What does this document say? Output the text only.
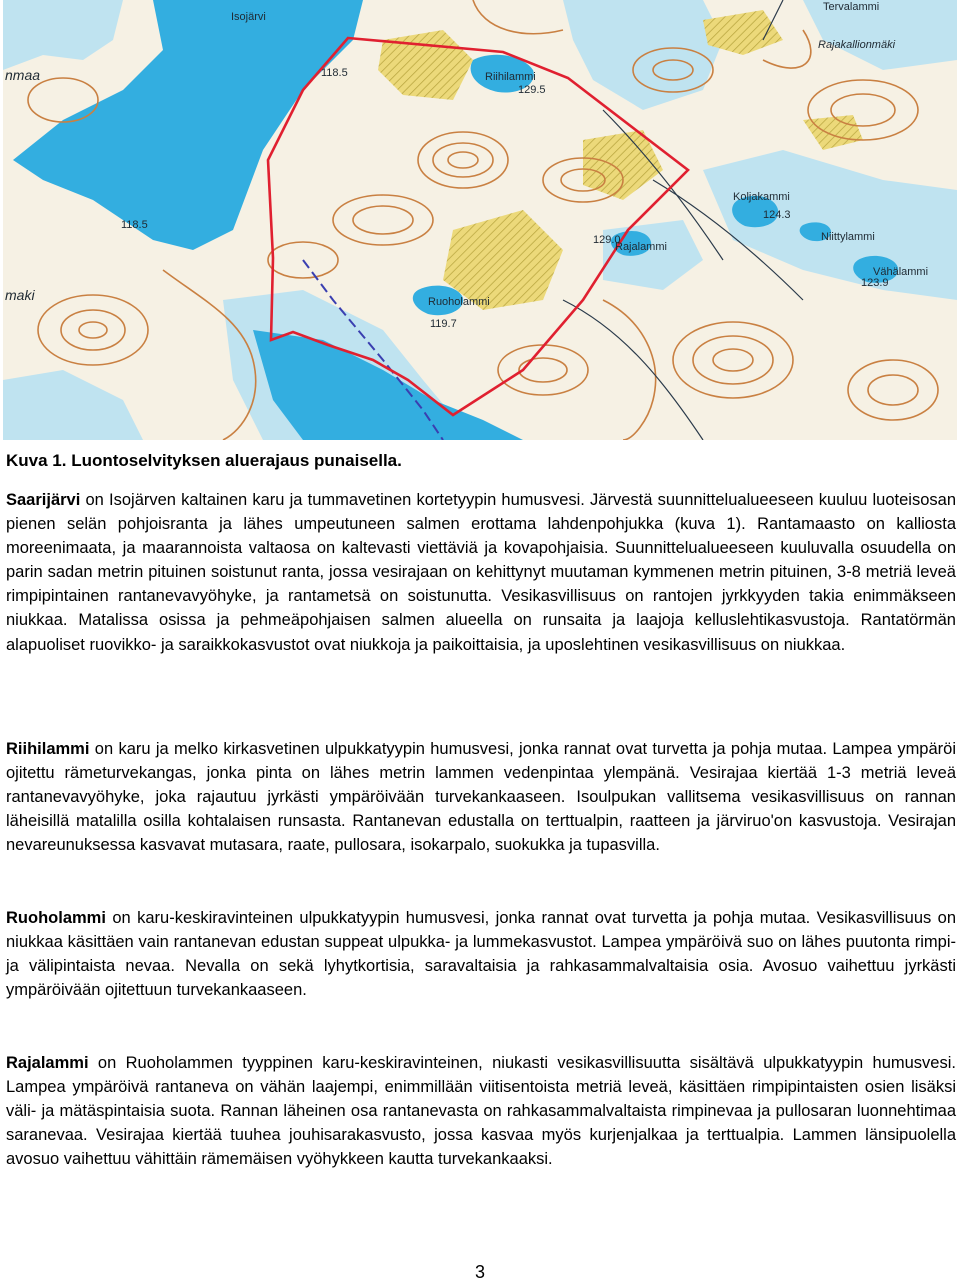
Isojärvi
nmaa
Rajakallionmäki
Tervalammi
Riihilammi
Koljakammi
Niittylammi
Rajalammi
Vähälammi
Ruoholammi
maki
118.5
129.5
118.5
124.3
129.0
123.9
119.7
Kuva 1. Luontoselvityksen aluerajaus punaisella.

Saarijärvi on Isojärven kaltainen karu ja tummavetinen kortetyypin humusvesi. Järvestä suunnittelualueeseen kuuluu luoteisosan pienen selän pohjoisranta ja lähes umpeutuneen salmen erottama lahdenpohjukka (kuva 1). Rantamaasto on kalliosta moreenimaata, ja maarannoista valtaosa on kaltevasti viettäviä ja kovapohjaisia. Suunnittelualueeseen kuuluvalla osuudella on parin sadan metrin pituinen soistunut ranta, jossa vesirajaan on kehittynyt muutaman kymmenen metrin pituinen, 3-8 metriä leveä rimpipintainen rantanevavyöhyke, ja rantametsä on soistunutta. Vesikasvillisuus on rantojen jyrkkyyden takia enimmäkseen niukkaa. Matalissa osissa ja pehmeäpohjaisen salmen alueella on runsaita ja laajoja kelluslehtikasvustoja. Rantatörmän alapuoliset ruovikko- ja saraikkokasvustot ovat niukkoja ja paikoittaisia, ja uposlehtinen vesikasvillisuus on niukkaa.

Riihilammi on karu ja melko kirkasvetinen ulpukkatyypin humusvesi, jonka rannat ovat turvetta ja pohja mutaa. Lampea ympäröi ojitettu rämeturvekangas, jonka pinta on lähes metrin lammen vedenpintaa ylempänä. Vesirajaa kiertää 1-3 metriä leveä rantanevavyöhyke, joka rajautuu jyrkästi ympäröivään turvekankaaseen. Isoulpukan vallitsema vesikasvillisuus on rannan läheisillä matalilla osilla kohtalaisen runsasta. Rantanevan edustalla on terttualpin, raatteen ja järviruo'on kasvustoja. Vesirajan nevareunuksessa kasvavat mutasara, raate, pullosara, isokarpalo, suokukka ja tupasvilla.

Ruoholammi on karu-keskiravinteinen ulpukkatyypin humusvesi, jonka rannat ovat turvetta ja pohja mutaa. Vesikasvillisuus on niukkaa käsittäen vain rantanevan edustan suppeat ulpukka- ja lummekasvustot. Lampea ympäröivä suo on lähes puutonta rimpi- ja välipintaista nevaa. Nevalla on sekä lyhytkortisia, saravaltaisia ja rahkasammalvaltaisia osia. Avosuo vaihettuu jyrkästi ympäröivään ojitettuun turvekankaaseen.

Rajalammi on Ruoholammen tyyppinen karu-keskiravinteinen, niukasti vesikasvillisuutta sisältävä ulpukkatyypin humusvesi. Lampea ympäröivä rantaneva on vähän laajempi, enimmillään viitisentoista metriä leveä, käsittäen rimpipintaisten osien lisäksi väli- ja mätäspintaisia suota. Rannan läheinen osa rantanevasta on rahkasammalvaltaista rimpinevaa ja pullosaran luonnehtimaa saranevaa. Vesirajaa kiertää tuuhea jouhisarakasvusto, jossa kasvaa myös kurjenjalkaa ja terttualpia. Lammen länsipuolella avosuo vaihettuu vähittäin rämemäisen vyöhykkeen kautta turvekankaaksi.

3
